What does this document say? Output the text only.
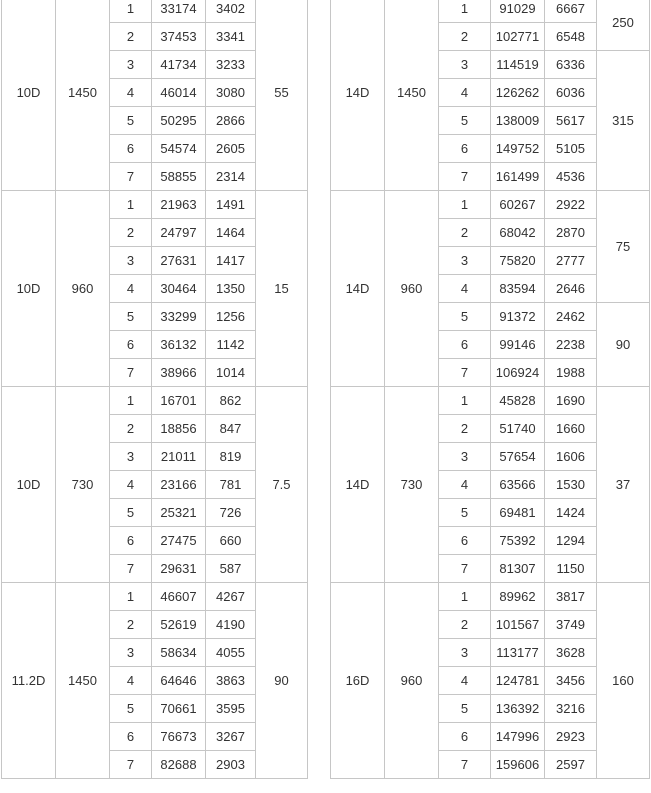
10D	1450	1	33174	3402	55
		2	37453	3341	
		3	41734	3233	
		4	46014	3080	
		5	50295	2866	
		6	54574	2605	
		7	58855	2314	
10D	960	1	21963	1491	15
		2	24797	1464	
		3	27631	1417	
		4	30464	1350	
		5	33299	1256	
		6	36132	1142	
		7	38966	1014	
10D	730	1	16701	862	7.5
		2	18856	847	
		3	21011	819	
		4	23166	781	
		5	25321	726	
		6	27475	660	
		7	29631	587	
11.2D	1450	1	46607	4267	90
		2	52619	4190	
		3	58634	4055	
		4	64646	3863	
		5	70661	3595	
		6	76673	3267	
		7	82688	2903	
14D	1450	1	91029	6667	250
		2	102771	6548	
		3	114519	6336	315
		4	126262	6036	
		5	138009	5617	
		6	149752	5105	
		7	161499	4536	
14D	960	1	60267	2922	75
		2	68042	2870	
		3	75820	2777	
		4	83594	2646	
		5	91372	2462	90
		6	99146	2238	
		7	106924	1988	
14D	730	1	45828	1690	37
		2	51740	1660	
		3	57654	1606	
		4	63566	1530	
		5	69481	1424	
		6	75392	1294	
		7	81307	1150	
16D	960	1	89962	3817	160
		2	101567	3749	
		3	113177	3628	
		4	124781	3456	
		5	136392	3216	
		6	147996	2923	
		7	159606	2597	
